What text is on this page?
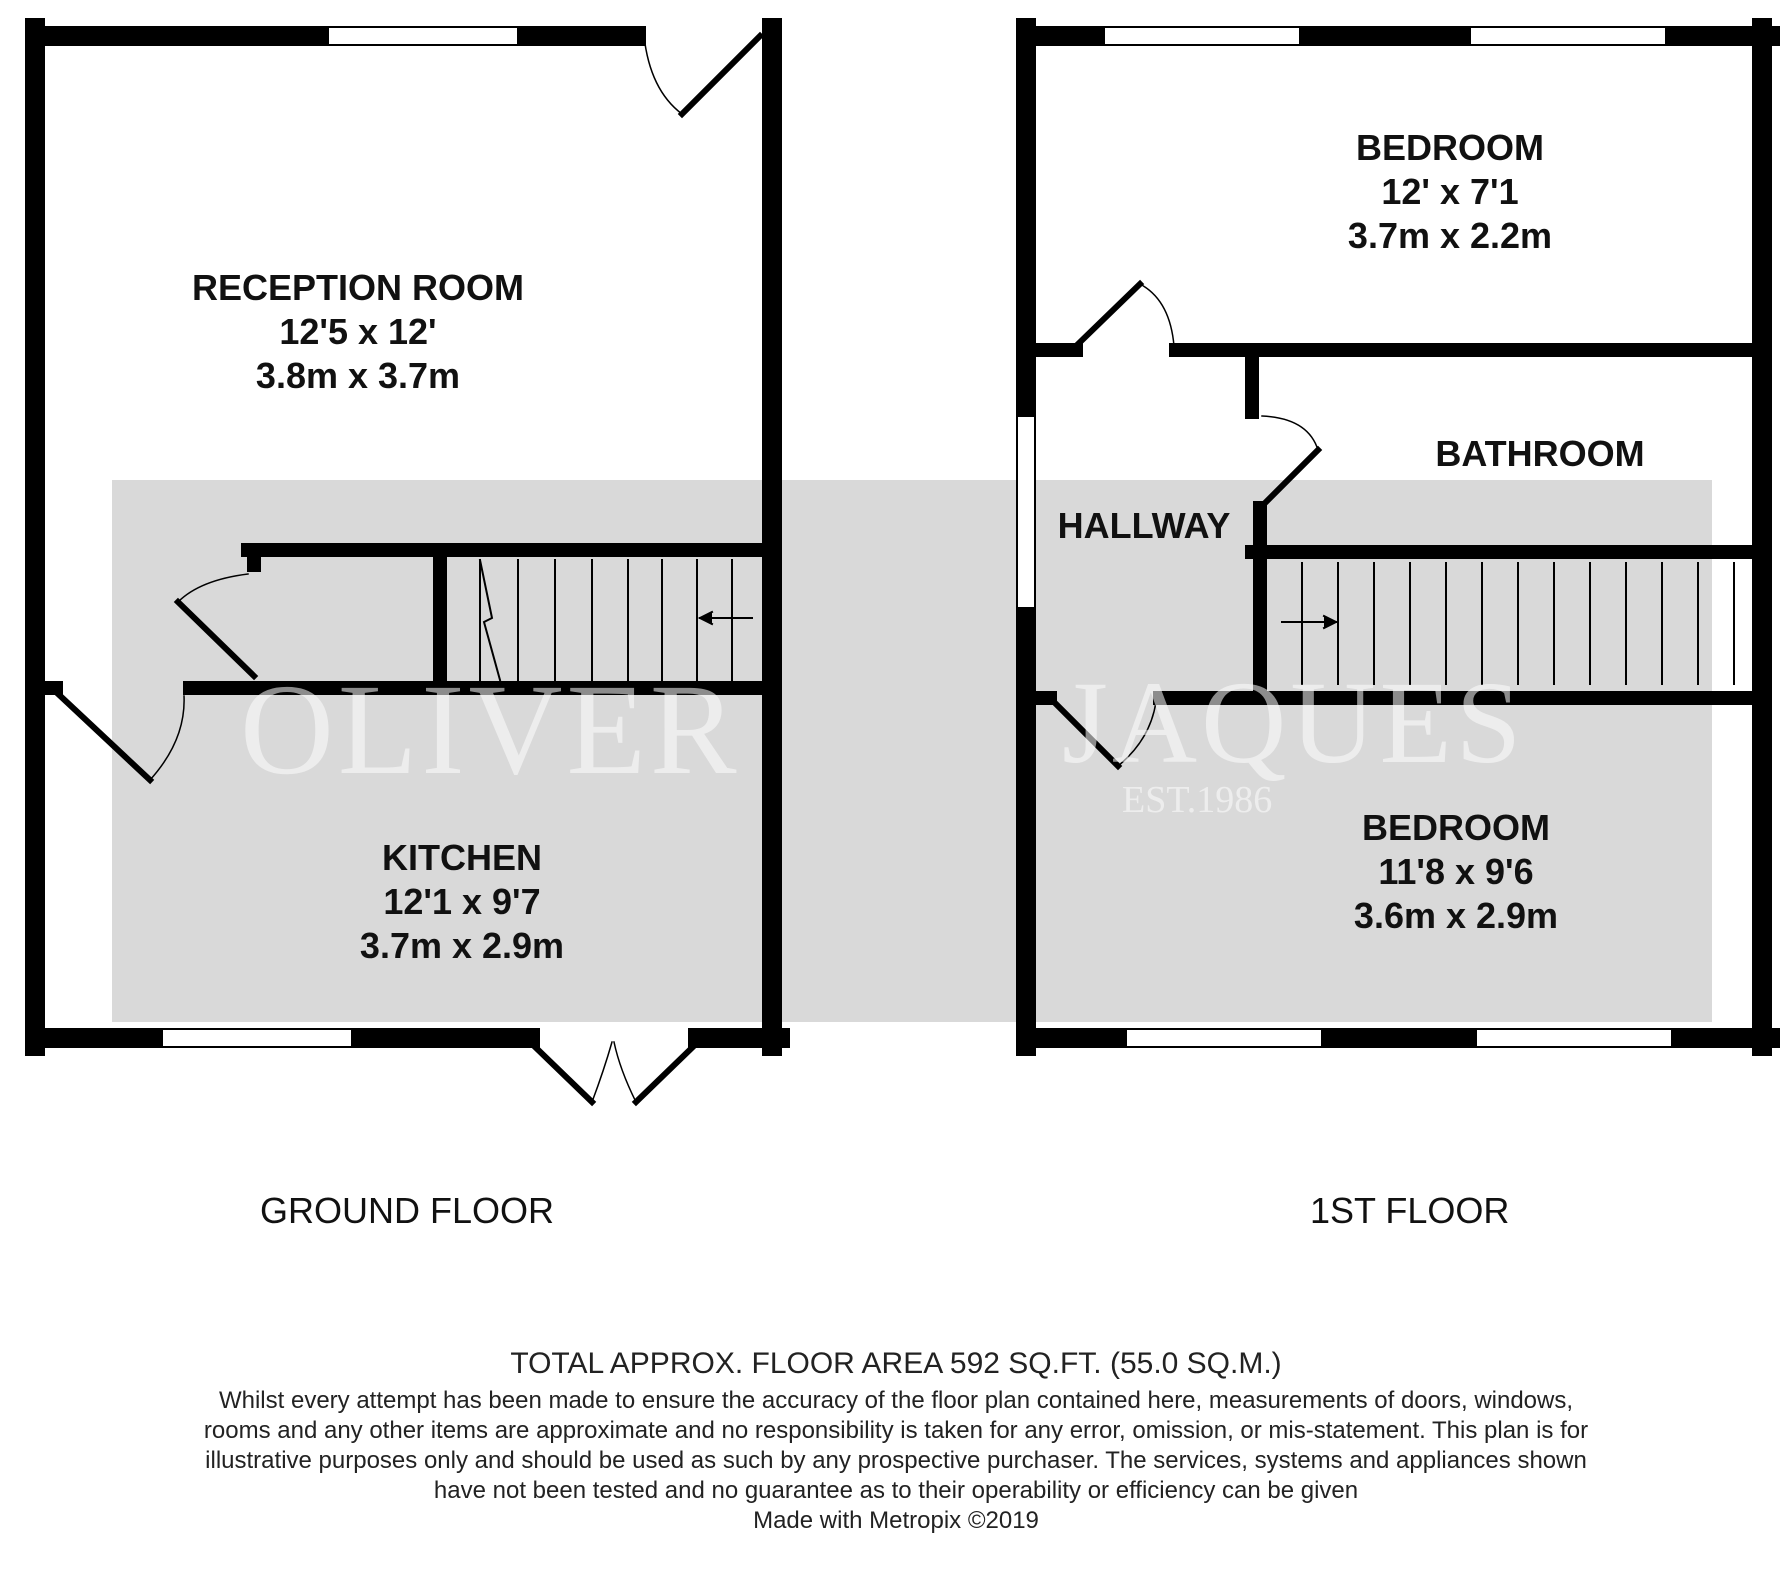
OLIVER	JAQUES
EST.1986
RECEPTION ROOM
12'5 x 12'
3.8m x 3.7m
KITCHEN
12'1 x 9'7
3.7m x 2.9m
BEDROOM
12' x 7'1
3.7m x 2.2m
BATHROOM
HALLWAY
BEDROOM
11'8 x 9'6
3.6m x 2.9m
GROUND FLOOR	1ST FLOOR
TOTAL APPROX. FLOOR AREA 592 SQ.FT. (55.0 SQ.M.)
Whilst every attempt has been made to ensure the accuracy of the floor plan contained here, measurements of doors, windows, rooms and any other items are approximate and no responsibility is taken for any error, omission, or mis-statement. This plan is for illustrative purposes only and should be used as such by any prospective purchaser. The services, systems and appliances shown have not been tested and no guarantee as to their operability or efficiency can be given
Made with Metropix ©2019
